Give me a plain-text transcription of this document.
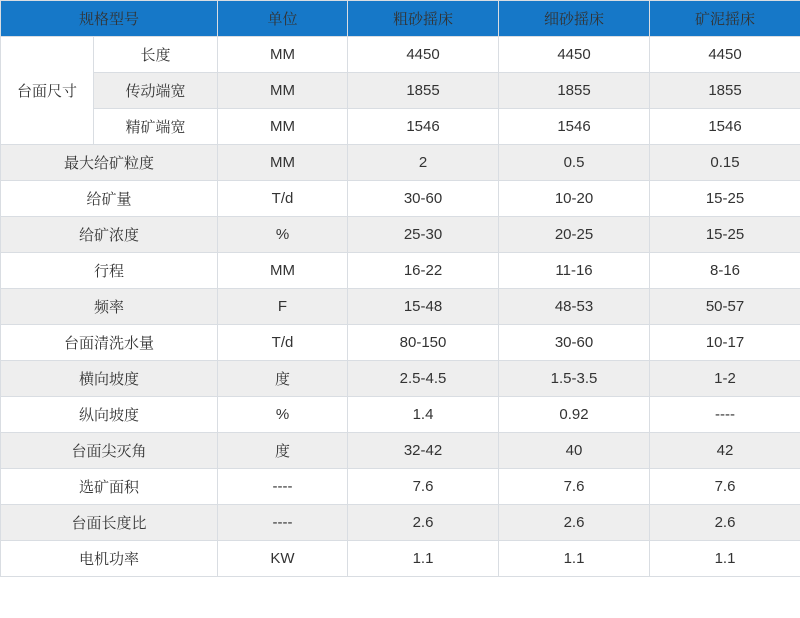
规格型号		单位	粗砂摇床	细砂摇床	矿泥摇床
台面尺寸	长度	MM	4450	4450	4450
	传动端宽	MM	1855	1855	1855
	精矿端宽	MM	1546	1546	1546
最大给矿粒度		MM	2	0.5	0.15
给矿量		T/d	30-60	10-20	15-25
给矿浓度		%	25-30	20-25	15-25
行程		MM	16-22	11-16	8-16
频率		F	15-48	48-53	50-57
台面清洗水量		T/d	80-150	30-60	10-17
横向坡度		度	2.5-4.5	1.5-3.5	1-2
纵向坡度		%	1.4	0.92	----
台面尖灭角		度	32-42	40	42
选矿面积		----	7.6	7.6	7.6
台面长度比		----	2.6	2.6	2.6
电机功率		KW	1.1	1.1	1.1
